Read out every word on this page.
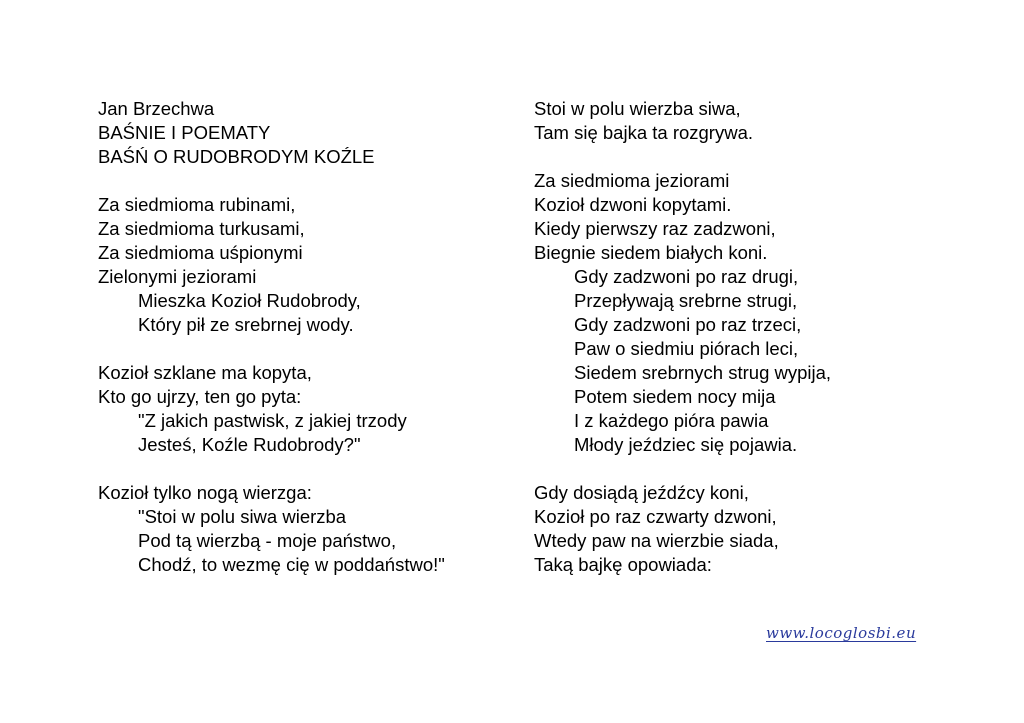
Jan Brzechwa
BAŚNIE I POEMATY
BAŚŃ O RUDOBRODYM KOŹLE
Za siedmioma rubinami,
Za siedmioma turkusami,
Za siedmioma uśpionymi
Zielonymi jeziorami
Mieszka Kozioł Rudobrody,
Który pił ze srebrnej wody.
Kozioł szklane ma kopyta,
Kto go ujrzy, ten go pyta:
"Z jakich pastwisk, z jakiej trzody
Jesteś, Koźle Rudobrody?"
Kozioł tylko nogą wierzga:
"Stoi w polu siwa wierzba
Pod tą wierzbą - moje państwo,
Chodź, to wezmę cię w poddaństwo!"
Stoi w polu wierzba siwa,
Tam się bajka ta rozgrywa.
Za siedmioma jeziorami
Kozioł dzwoni kopytami.
Kiedy pierwszy raz zadzwoni,
Biegnie siedem białych koni.
Gdy zadzwoni po raz drugi,
Przepływają srebrne strugi,
Gdy zadzwoni po raz trzeci,
Paw o siedmiu piórach leci,
Siedem srebrnych strug wypija,
Potem siedem nocy mija
I z każdego pióra pawia
Młody jeździec się pojawia.
Gdy dosiądą jeźdźcy koni,
Kozioł po raz czwarty dzwoni,
Wtedy paw na wierzbie siada,
Taką bajkę opowiada:
www.locoglosbi.eu
